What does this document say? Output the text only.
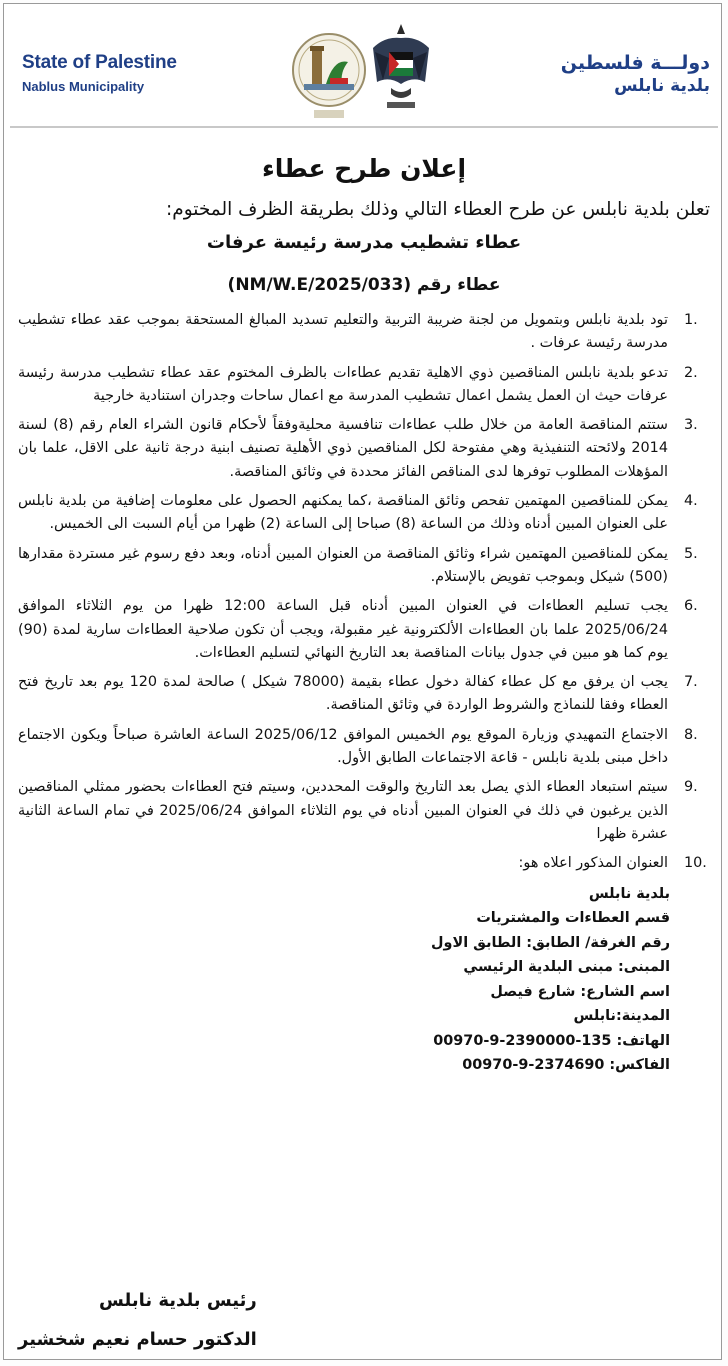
State of Palestine
Nablus Municipality
دولـــة فلسطين
بلدية نابلس
إعلان طرح عطاء
تعلن بلدية نابلس عن طرح العطاء التالي وذلك بطريقة الظرف المختوم:
عطاء تشطيب مدرسة رئيسة عرفات
عطاء رقم (NM/W.E/2025/033)
1.
تود بلدية نابلس وبتمويل من لجنة ضريبة التربية والتعليم تسديد المبالغ المستحقة بموجب عقد عطاء تشطيب مدرسة رئيسة عرفات .
2.
تدعو بلدية نابلس المناقصين ذوي الاهلية تقديم عطاءات بالظرف المختوم عقد عطاء تشطيب مدرسة رئيسة عرفات حيث ان العمل يشمل اعمال تشطيب المدرسة مع اعمال ساحات وجدران استنادية خارجية
3.
ستتم المناقصة العامة من خلال طلب عطاءات تنافسية محليةوفقاً لأحكام قانون الشراء العام رقم (8) لسنة 2014 ولائحته التنفيذية وهي مفتوحة لكل المناقصين ذوي الأهلية تصنيف ابنية درجة ثانية على الاقل، علما بان المؤهلات المطلوب توفرها لدى المناقص الفائز محددة في وثائق المناقصة.
4.
يمكن للمناقصين المهتمين تفحص وثائق المناقصة ،كما يمكنهم الحصول على معلومات إضافية من بلدية نابلس على العنوان المبين أدناه وذلك من الساعة (8) صباحا إلى الساعة (2) ظهرا من أيام السبت الى الخميس.
5.
يمكن للمناقصين المهتمين شراء وثائق المناقصة من العنوان المبين أدناه، وبعد دفع رسوم غير مستردة مقدارها (500) شيكل وبموجب تفويض بالإستلام.
6.
يجب تسليم العطاءات في العنوان المبين أدناه قبل الساعة 12:00 ظهرا من يوم الثلاثاء الموافق 2025/06/24 علما بان العطاءات الألكترونية غير مقبولة، ويجب أن تكون صلاحية العطاءات سارية لمدة (90) يوم كما هو مبين في جدول بيانات المناقصة بعد التاريخ النهائي لتسليم العطاءات.
7.
يجب ان يرفق مع كل عطاء كفالة دخول عطاء بقيمة (78000 شيكل ) صالحة لمدة 120 يوم بعد تاريخ فتح العطاء وفقا للنماذج والشروط الواردة في وثائق المناقصة.
8.
الاجتماع التمهيدي وزيارة الموقع يوم الخميس الموافق 2025/06/12 الساعة العاشرة صباحاً ويكون الاجتماع داخل مبنى بلدية نابلس - قاعة الاجتماعات الطابق الأول.
9.
سيتم استبعاد العطاء الذي يصل بعد التاريخ والوقت المحددين، وسيتم فتح العطاءات بحضور ممثلي المناقصين الذين يرغبون في ذلك في العنوان المبين أدناه في يوم الثلاثاء الموافق 2025/06/24 في تمام الساعة الثانية عشرة ظهرا
10.
العنوان المذكور اعلاه هو:
بلدية نابلس
قسم العطاءات والمشتريات
رقم الغرفة/ الطابق: الطابق الاول
المبنى: مبنى البلدية الرئيسي
اسم الشارع: شارع فيصل
المدينة:نابلس
الهاتف: 135-2390000-9-00970
الفاكس: 2374690-9-00970
رئيس بلدية نابلس
الدكتور حسام نعيم شخشير
